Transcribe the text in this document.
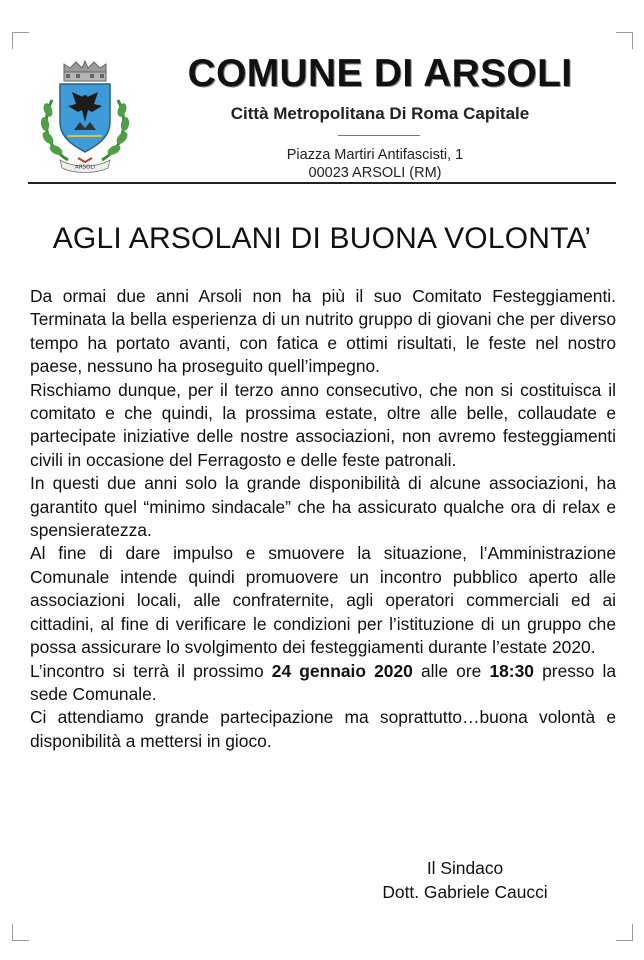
ARSOLI
COMUNE DI ARSOLI
Città Metropolitana Di Roma Capitale
Piazza Martiri Antifascisti, 1
00023 ARSOLI (RM)
AGLI ARSOLANI DI BUONA VOLONTA’

Da ormai due anni Arsoli non ha più il suo Comitato Festeggiamenti. Terminata la bella esperienza di un nutrito gruppo di giovani che per diverso tempo ha portato avanti, con fatica e ottimi risultati, le feste nel nostro paese, nessuno ha proseguito quell’impegno.

Rischiamo dunque, per il terzo anno consecutivo, che non si costituisca il comitato e che quindi, la prossima estate, oltre alle belle, collaudate e partecipate iniziative delle nostre associazioni, non avremo festeggiamenti civili in occasione del Ferragosto e delle feste patronali.

In questi due anni solo la grande disponibilità di alcune associazioni, ha garantito quel “minimo sindacale” che ha assicurato qualche ora di relax e spensieratezza.

Al fine di dare impulso e smuovere la situazione, l’Amministrazione Comunale intende quindi promuovere un incontro pubblico aperto alle associazioni locali, alle confraternite, agli operatori commerciali ed ai cittadini, al fine di verificare le condizioni per l’istituzione di un gruppo che possa assicurare lo svolgimento dei festeggiamenti durante l’estate 2020.

L’incontro si terrà il prossimo 24 gennaio 2020 alle ore 18:30 presso la sede Comunale.

Ci attendiamo grande partecipazione ma soprattutto…buona volontà e disponibilità a mettersi in gioco.

Il Sindaco
Dott. Gabriele Caucci
